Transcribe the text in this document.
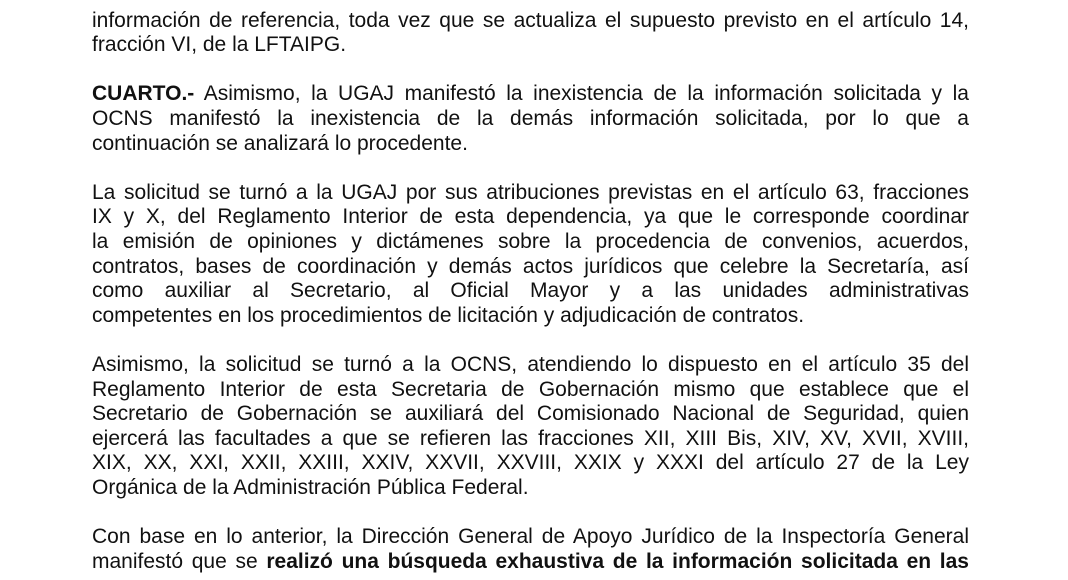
información de referencia, toda vez que se actualiza el supuesto previsto en el artículo 14,
fracción VI, de la LFTAIPG.
CUARTO.- Asimismo, la UGAJ manifestó la inexistencia de la información solicitada y la
OCNS manifestó la inexistencia de la demás información solicitada, por lo que a
continuación se analizará lo procedente.
La solicitud se turnó a la UGAJ por sus atribuciones previstas en el artículo 63, fracciones
IX y X, del Reglamento Interior de esta dependencia, ya que le corresponde coordinar
la emisión de opiniones y dictámenes sobre la procedencia de convenios, acuerdos,
contratos, bases de coordinación y demás actos jurídicos que celebre la Secretaría, así
como auxiliar al Secretario, al Oficial Mayor y a las unidades administrativas
competentes en los procedimientos de licitación y adjudicación de contratos.
Asimismo, la solicitud se turnó a la OCNS, atendiendo lo dispuesto en el artículo 35 del
Reglamento Interior de esta Secretaria de Gobernación mismo que establece que el
Secretario de Gobernación se auxiliará del Comisionado Nacional de Seguridad, quien
ejercerá las facultades a que se refieren las fracciones XII, XIII Bis, XIV, XV, XVII, XVIII,
XIX, XX, XXI, XXII, XXIII, XXIV, XXVII, XXVIII, XXIX y XXXI del artículo 27 de la Ley
Orgánica de la Administración Pública Federal.
Con base en lo anterior, la Dirección General de Apoyo Jurídico de la Inspectoría General
manifestó que se realizó una búsqueda exhaustiva de la información solicitada en las
